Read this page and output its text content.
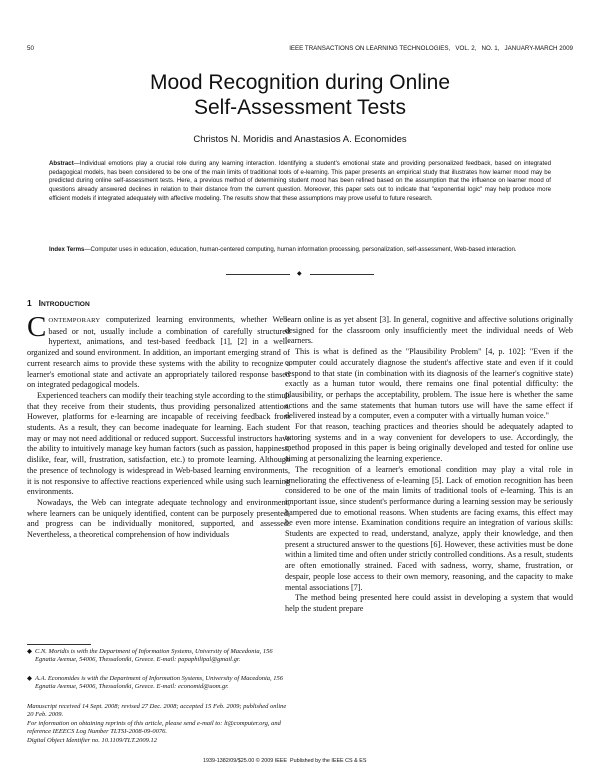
50	IEEE TRANSACTIONS ON LEARNING TECHNOLOGIES,   VOL. 2,   NO. 1,   JANUARY-MARCH 2009
Mood Recognition during Online
Self-Assessment Tests
Christos N. Moridis and Anastasios A. Economides
Abstract—Individual emotions play a crucial role during any learning interaction. Identifying a student's emotional state and providing personalized feedback, based on integrated pedagogical models, has been considered to be one of the main limits of traditional tools of e-learning. This paper presents an empirical study that illustrates how learner mood may be predicted during online self-assessment tests. Here, a previous method of determining student mood has been refined based on the assumption that the influence on learner mood of questions already answered declines in relation to their distance from the current question. Moreover, this paper sets out to indicate that "exponential logic" may help produce more efficient models if integrated adequately with affective modeling. The results show that these assumptions may prove useful to future research.
Index Terms—Computer uses in education, education, human-centered computing, human information processing, personalization, self-assessment, Web-based interaction.
◆
1 INTRODUCTION

CONTEMPORARY computerized learning environments, whether Web-based or not, usually include a combination of carefully structured hypertext, animations, and test-based feedback [1], [2] in a well-organized and sound environment. In addition, an important emerging strand of current research aims to provide these systems with the ability to recognize a learner's emotional state and activate an appropriately tailored response based on integrated pedagogical models.

Experienced teachers can modify their teaching style according to the stimuli that they receive from their students, thus providing personalized attention. However, platforms for e-learning are incapable of receiving feedback from students. As a result, they can become inadequate for learning. Each student may or may not need additional or reduced support. Successful instructors have the ability to intuitively manage key human factors (such as passion, happiness, dislike, fear, will, frustration, satisfaction, etc.) to promote learning. Although the presence of technology is widespread in Web-based learning environments, it is not responsive to affective reactions experienced while using such learning environments.

Nowadays, the Web can integrate adequate technology and environment, where learners can be uniquely identified, content can be purposely presented, and progress can be individually monitored, supported, and assessed. Nevertheless, a theoretical comprehension of how individuals

◆ C.N. Moridis is with the Department of Information Systems, University of Macedonia, 156 Egnatia Avenue, 54006, Thessaloniki, Greece. E-mail: papaphilipal@gmail.gr.
◆ A.A. Economides is with the Department of Information Systems, University of Macedonia, 156 Egnatia Avenue, 54006, Thessaloniki, Greece. E-mail: economid@uom.gr.
Manuscript received 14 Sept. 2008; revised 27 Dec. 2008; accepted 15 Feb. 2009; published online 20 Feb. 2009.
For information on obtaining reprints of this article, please send e-mail to: lt@computer.org, and reference IEEECS Log Number TLTSI-2008-09-0076.
Digital Object Identifier no. 10.1109/TLT.2009.12

learn online is as yet absent [3]. In general, cognitive and affective solutions originally designed for the classroom only insufficiently meet the individual needs of Web learners.

This is what is defined as the "Plausibility Problem" [4, p. 102]: "Even if the computer could accurately diagnose the student's affective state and even if it could respond to that state (in combination with its diagnosis of the learner's cognitive state) exactly as a human tutor would, there remains one final potential difficulty: the plausibility, or perhaps the acceptability, problem. The issue here is whether the same actions and the same statements that human tutors use will have the same effect if delivered instead by a computer, even a computer with a virtually human voice."

For that reason, teaching practices and theories should be adequately adapted to tutoring systems and in a way convenient for developers to use. Accordingly, the method proposed in this paper is being originally developed and tested for online use aiming at personalizing the learning experience.

The recognition of a learner's emotional condition may play a vital role in ameliorating the effectiveness of e-learning [5]. Lack of emotion recognition has been considered to be one of the main limits of traditional tools of e-learning. This is an important issue, since student's performance during a learning session may be seriously hampered due to emotional reasons. When students are facing exams, this effect may be even more intense. Examination conditions require an integration of various skills: Students are expected to read, understand, analyze, apply their knowledge, and then present a structured answer to the questions [6]. However, these activities must be done within a limited time and often under strictly controlled conditions. As a result, students are often emotionally strained. Faced with sadness, worry, shame, frustration, or despair, people lose access to their own memory, reasoning, and the capacity to make mental associations [7].

The method being presented here could assist in developing a system that would help the student prepare

1939-1382/09/$25.00 © 2009 IEEE Published by the IEEE CS & ES
